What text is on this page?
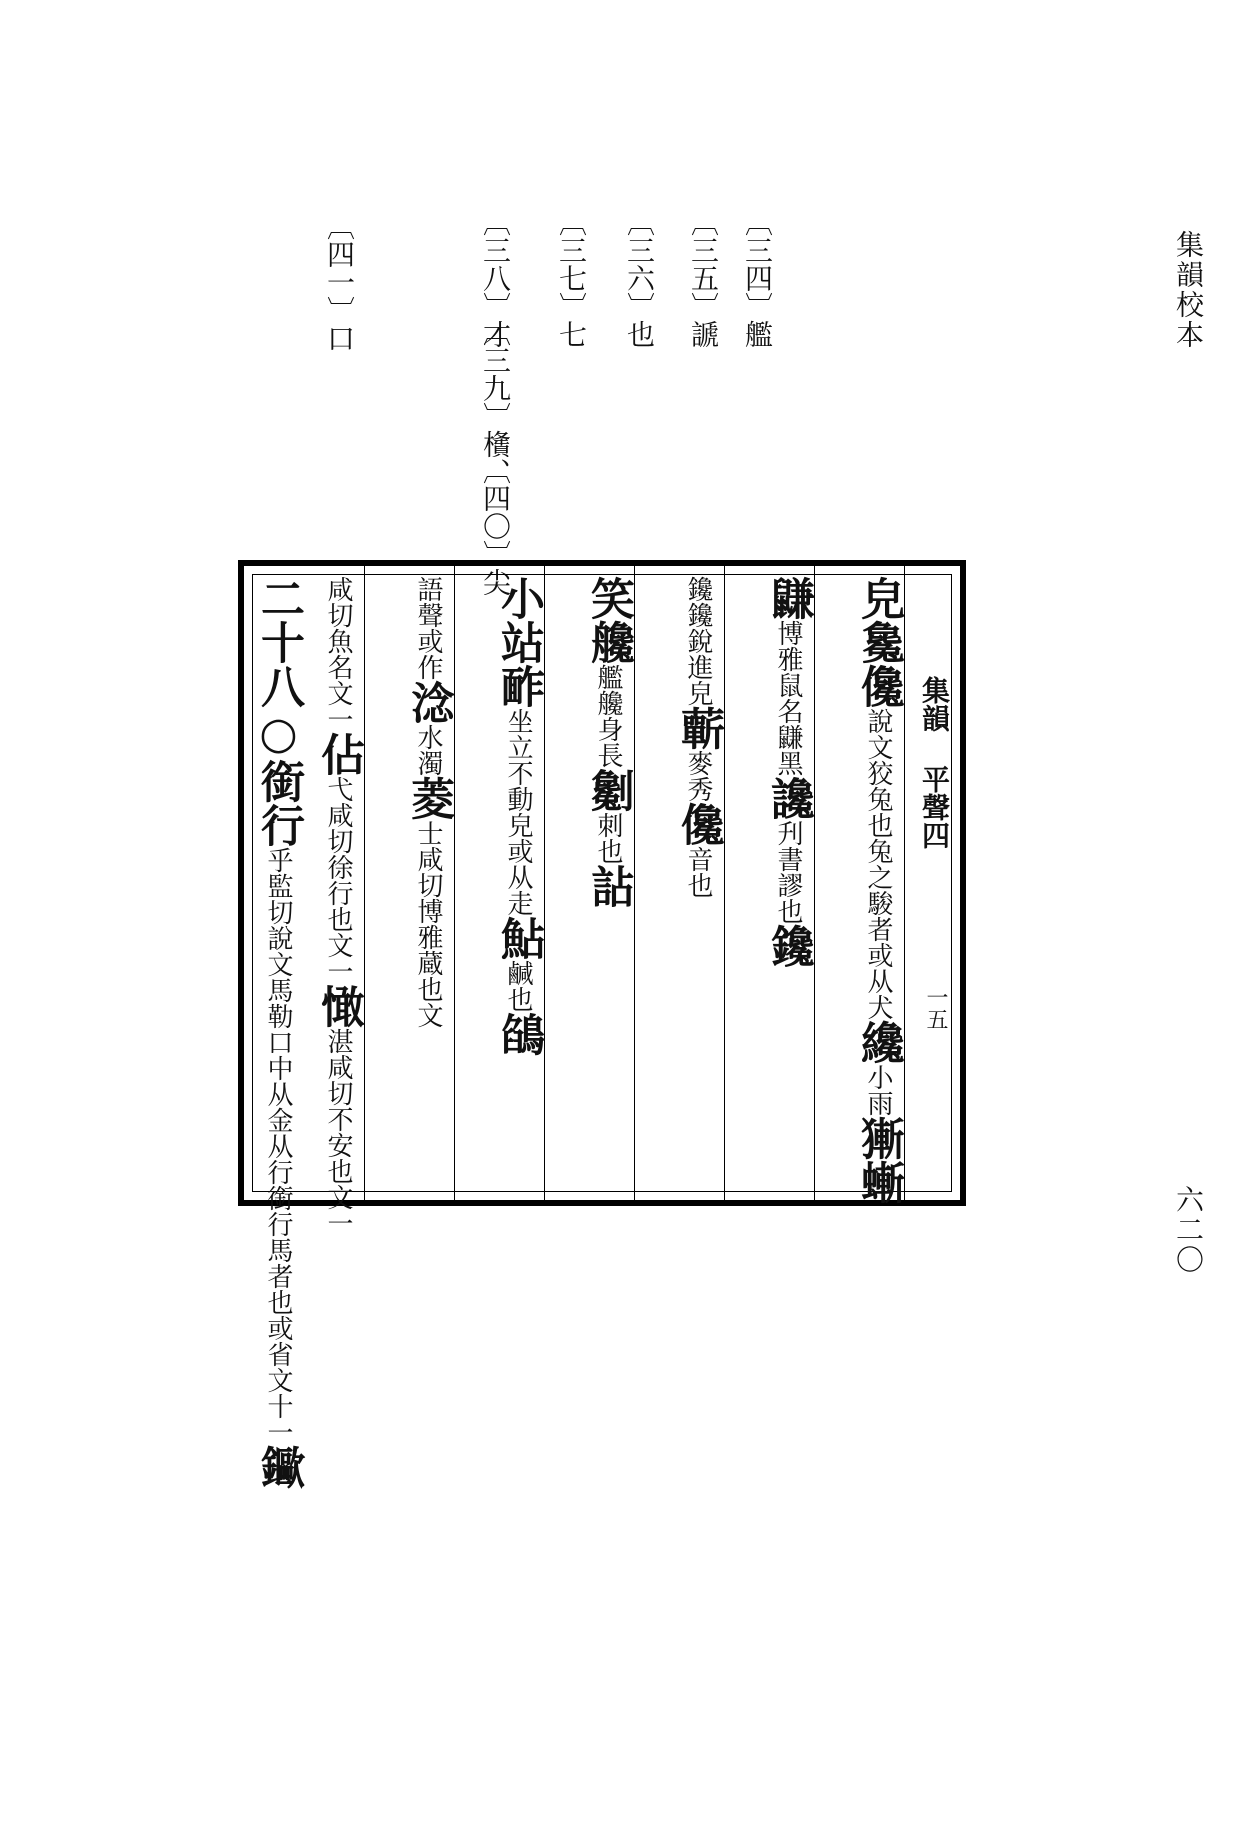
集韻校本
六二〇
〔三四〕艦
〔三五〕謕
〔三六〕也
〔三七〕七
〔三八〕才
〔三九〕㯯、
〔四〇〕尖
〔四一〕口
集韻 平聲四
一五
皃毚儳說文狡兔也兔之駿者或从犬纔小雨獑螹
鼸博雅鼠名鼸黑讒刋書謬也鑱
鑱鑱銳進皃蘄麥秀儳音也
笑艬艦艬身長劖刺也詀
小站䩆坐立不動皃或从走鮎鹹也鵮
語聲或作淰水濁菱士咸切博雅蔵也文
咸切魚名文一佔弋咸切徐行也文一㦑湛咸切不安也文一
二十八○銜行乎監切說文馬勒口中从金从行銜行馬者也或省文十一䥲
